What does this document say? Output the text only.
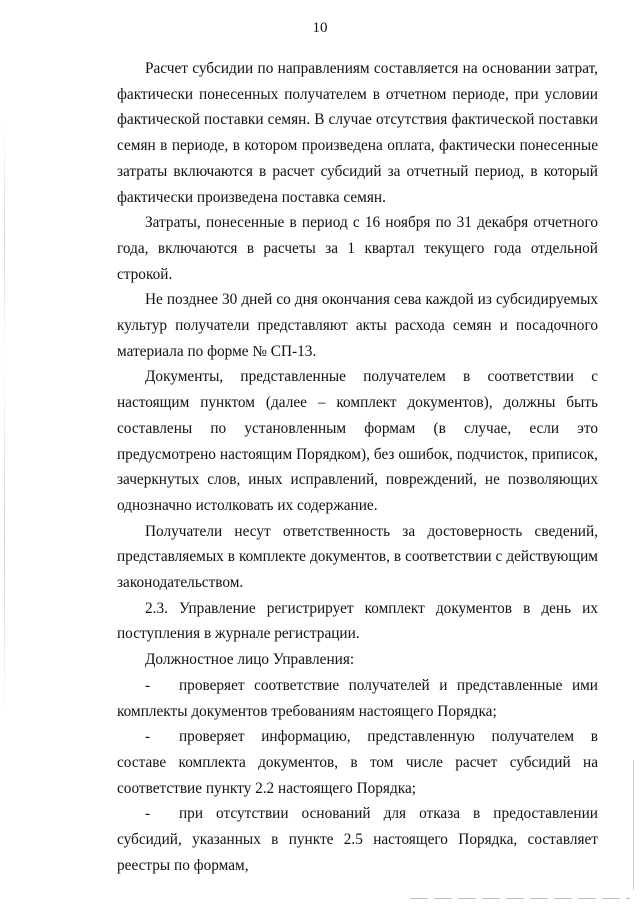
10

Расчет субсидии по направлениям составляется на основании затрат, фактически понесенных получателем в отчетном периоде, при условии фактической поставки семян. В случае отсутствия фактической поставки семян в периоде, в котором произведена оплата, фактически понесенные затраты включаются в расчет субсидий за отчетный период, в который фактически произведена поставка семян.

Затраты, понесенные в период с 16 ноября по 31 декабря отчетного года, включаются в расчеты за 1 квартал текущего года отдельной строкой.

Не позднее 30 дней со дня окончания сева каждой из субсидируемых культур получатели представляют акты расхода семян и посадочного материала по форме № СП-13.

Документы, представленные получателем в соответствии с настоящим пунктом (далее – комплект документов), должны быть составлены по установленным формам (в случае, если это предусмотрено настоящим Порядком), без ошибок, подчисток, приписок, зачеркнутых слов, иных исправлений, повреждений, не позволяющих однозначно истолковать их содержание.

Получатели несут ответственность за достоверность сведений, представляемых в комплекте документов, в соответствии с действующим законодательством.

2.3. Управление регистрирует комплект документов в день их поступления в журнале регистрации.

Должностное лицо Управления:

- проверяет соответствие получателей и представленные ими комплекты документов требованиям настоящего Порядка;

- проверяет информацию, представленную получателем в составе комплекта документов, в том числе расчет субсидий на соответствие пункту 2.2 настоящего Порядка;

- при отсутствии оснований для отказа в предоставлении субсидий, указанных в пункте 2.5 настоящего Порядка, составляет реестры по формам,
